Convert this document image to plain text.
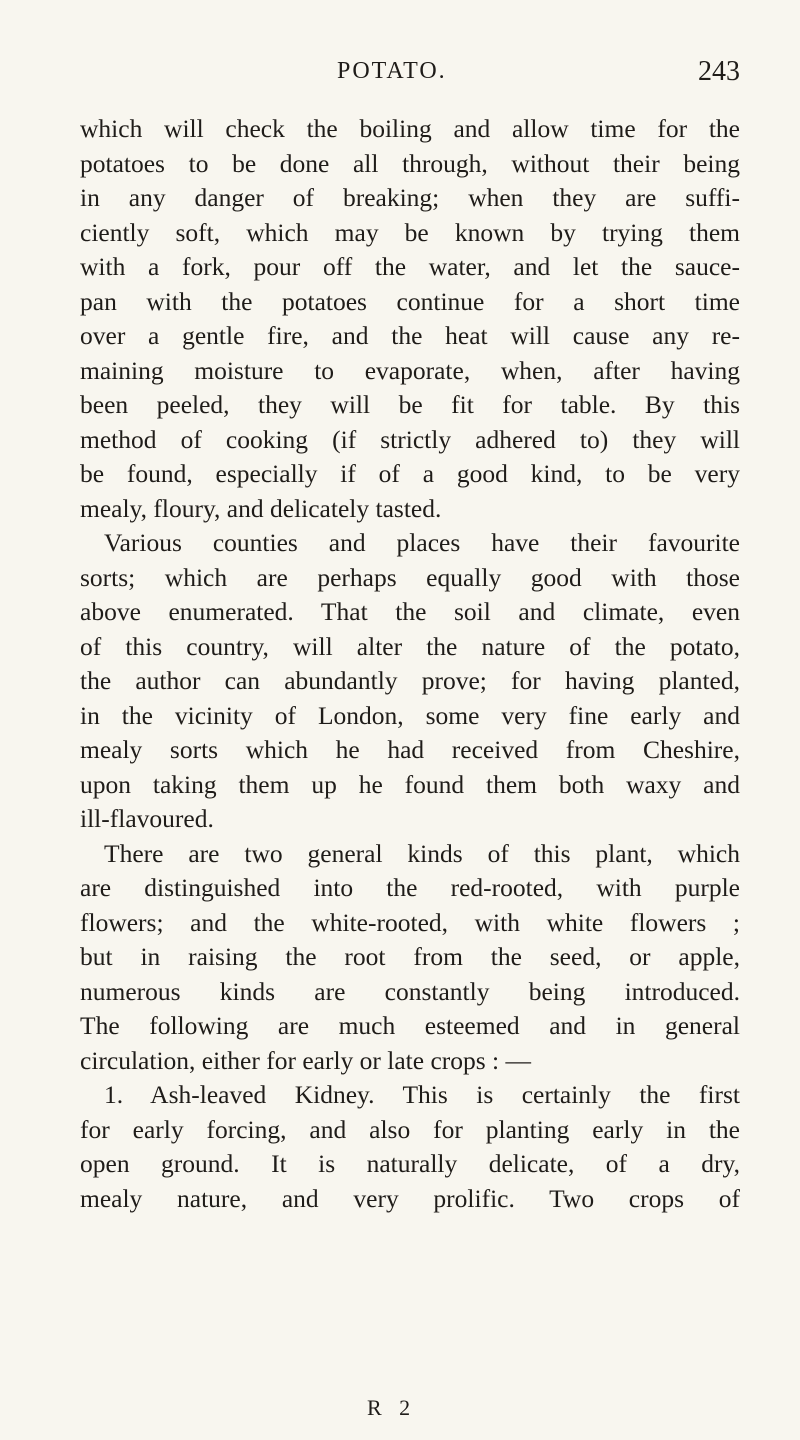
POTATO.	243
which will check the boiling and allow time for the
potatoes to be done all through, without their being
in any danger of breaking; when they are suffi-
ciently soft, which may be known by trying them
with a fork, pour off the water, and let the sauce-
pan with the potatoes continue for a short time
over a gentle fire, and the heat will cause any re-
maining moisture to evaporate, when, after having
been peeled, they will be fit for table. By this
method of cooking (if strictly adhered to) they will
be found, especially if of a good kind, to be very
mealy, floury, and delicately tasted.
Various counties and places have their favourite
sorts; which are perhaps equally good with those
above enumerated. That the soil and climate, even
of this country, will alter the nature of the potato,
the author can abundantly prove; for having planted,
in the vicinity of London, some very fine early and
mealy sorts which he had received from Cheshire,
upon taking them up he found them both waxy and
ill-flavoured.
There are two general kinds of this plant, which
are distinguished into the red-rooted, with purple
flowers; and the white-rooted, with white flowers ;
but in raising the root from the seed, or apple,
numerous kinds are constantly being introduced.
The following are much esteemed and in general
circulation, either for early or late crops : —
1. Ash-leaved Kidney. This is certainly the first
for early forcing, and also for planting early in the
open ground. It is naturally delicate, of a dry,
mealy nature, and very prolific. Two crops of
R 2
